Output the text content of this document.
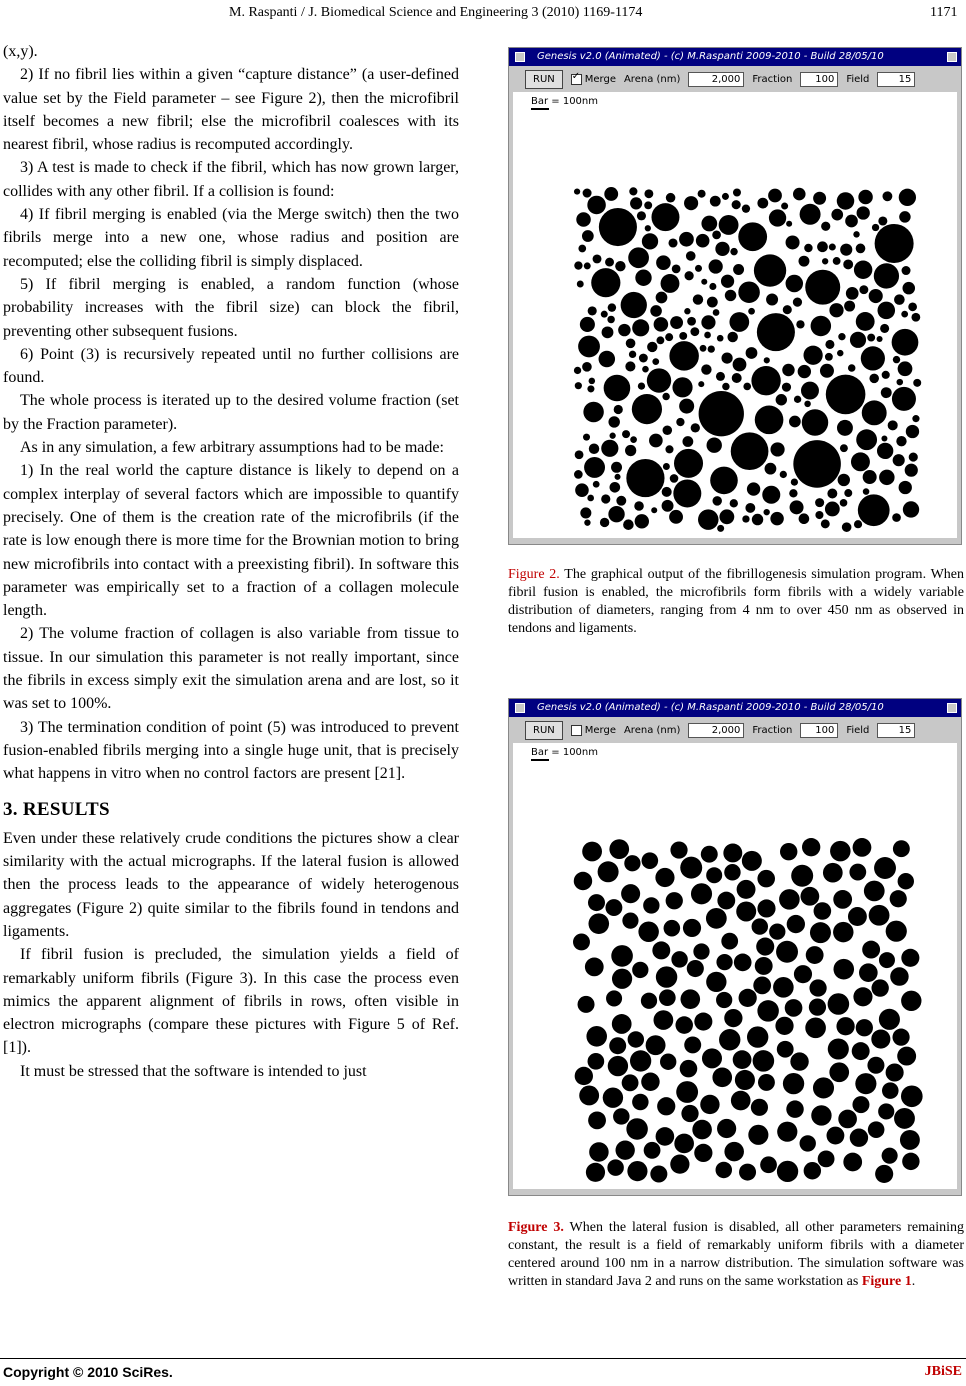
M. Raspanti / J. Biomedical Science and Engineering 3 (2010) 1169-1174	1171

(x,y).

2) If no fibril lies within a given “capture distance” (a user-defined value set by the Field parameter – see Figure 2), then the microfibril itself becomes a new fibril; else the microfibril coalesces with its nearest fibril, whose radius is recomputed accordingly.

3) A test is made to check if the fibril, which has now grown larger, collides with any other fibril. If a collision is found:

4) If fibril merging is enabled (via the Merge switch) then the two fibrils merge into a new one, whose radius and position are recomputed; else the colliding fibril is simply displaced.

5) If fibril merging is enabled, a random function (whose probability increases with the fibril size) can block the fibril, preventing other subsequent fusions.

6) Point (3) is recursively repeated until no further collisions are found.

The whole process is iterated up to the desired volume fraction (set by the Fraction parameter).

As in any simulation, a few arbitrary assumptions had to be made:

1) In the real world the capture distance is likely to depend on a complex interplay of several factors which are impossible to quantify precisely. One of them is the creation rate of the microfibrils (if the rate is low enough there is more time for the Brownian motion to bring new microfibrils into contact with a preexisting fibril). In software this parameter was empirically set to a fraction of a collagen molecule length.

2) The volume fraction of collagen is also variable from tissue to tissue. In our simulation this parameter is not really important, since the fibrils in excess simply exit the simulation arena and are lost, so it was set to 100%.

3) The termination condition of point (5) was introduced to prevent fusion-enabled fibrils merging into a single huge unit, that is precisely what happens in vitro when no control factors are present [21].

3. RESULTS

Even under these relatively crude conditions the pictures show a clear similarity with the actual micrographs. If the lateral fusion is allowed then the process leads to the appearance of widely heterogenous aggregates (Figure 2) quite similar to the fibrils found in tendons and ligaments.

If fibril fusion is precluded, the simulation yields a field of remarkably uniform fibrils (Figure 3). In this case the process even mimics the apparent alignment of fibrils in rows, often visible in electron micrographs (compare these pictures with Figure 5 of Ref. [1]).

It must be stressed that the software is intended to just

Genesis v2.0 (Animated) - (c) M.Raspanti 2009-2010 - Build 28/05/10
RUN
✓	Merge Arena (nm)	2,000	Fraction	100	Field	15
Bar = 100nm
Figure 2. The graphical output of the fibrillogenesis simulation program. When fibril fusion is enabled, the microfibrils form fibrils with a widely variable distribution of diameters, ranging from 4 nm to over 450 nm as observed in tendons and ligaments.
Genesis v2.0 (Animated) - (c) M.Raspanti 2009-2010 - Build 28/05/10
RUN	Merge Arena (nm)	2,000	Fraction	100	Field	15
Bar = 100nm
Figure 3. When the lateral fusion is disabled, all other parameters remaining constant, the result is a field of remarkably uniform fibrils with a diameter centered around 100 nm in a narrow distribution. The simulation software was written in standard Java 2 and runs on the same workstation as Figure 1.
Copyright © 2010 SciRes.	JBiSE
